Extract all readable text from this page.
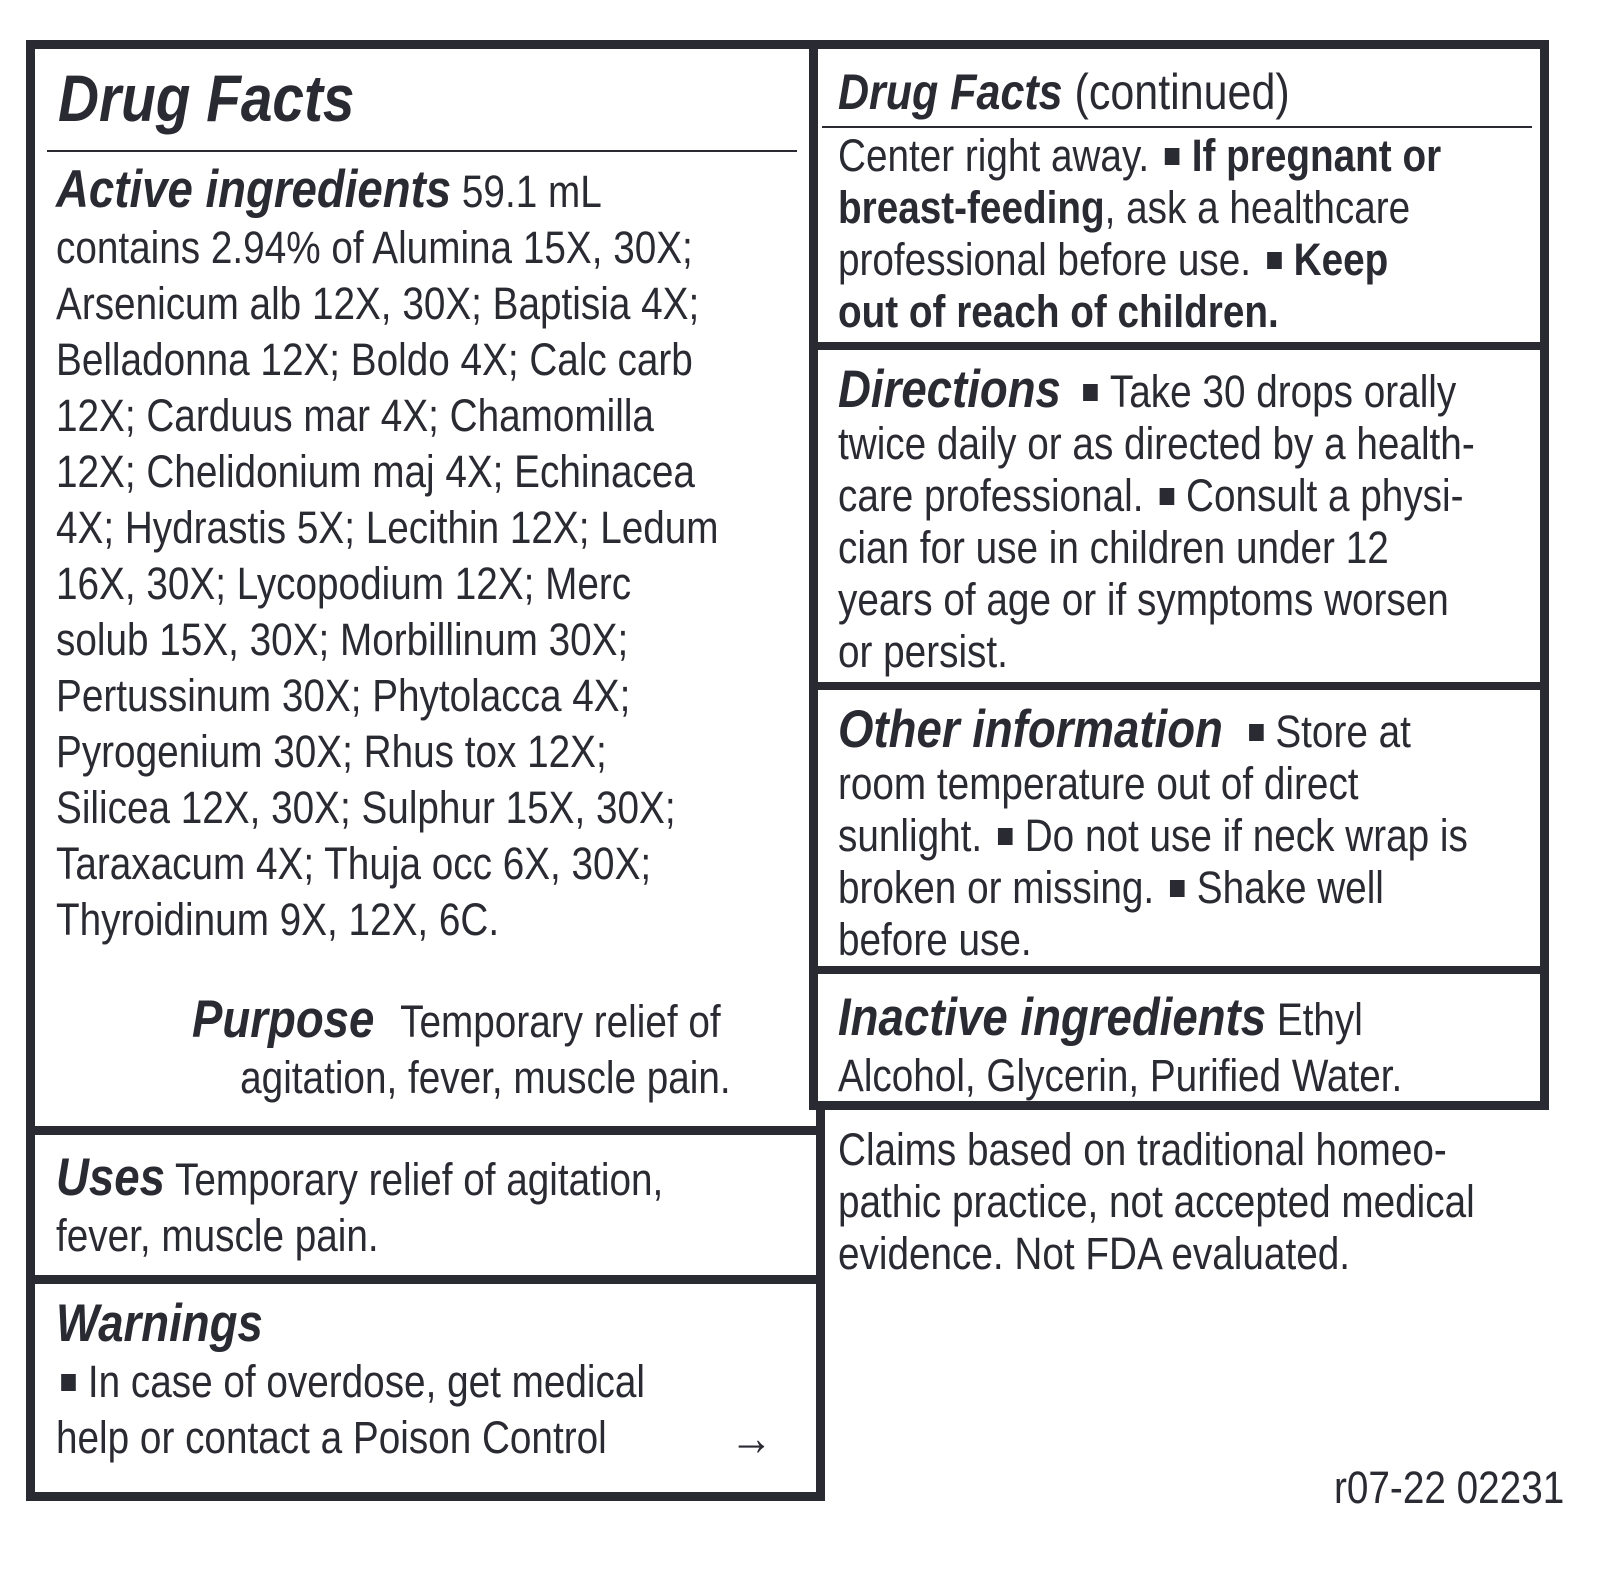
Drug Facts
Active ingredients 59.1 mL
contains 2.94% of Alumina 15X, 30X;
Arsenicum alb 12X, 30X; Baptisia 4X;
Belladonna 12X; Boldo 4X; Calc carb
12X; Carduus mar 4X; Chamomilla
12X; Chelidonium maj 4X; Echinacea
4X; Hydrastis 5X; Lecithin 12X; Ledum
16X, 30X; Lycopodium 12X; Merc
solub 15X, 30X; Morbillinum 30X;
Pertussinum 30X; Phytolacca 4X;
Pyrogenium 30X; Rhus tox 12X;
Silicea 12X, 30X; Sulphur 15X, 30X;
Taraxacum 4X; Thuja occ 6X, 30X;
Thyroidinum 9X, 12X, 6C.
Purpose Temporary relief of
agitation, fever, muscle pain.
Uses Temporary relief of agitation,
fever, muscle pain.
Warnings
In case of overdose, get medical
help or contact a Poison Control	→
Drug Facts (continued)
Center right away. If pregnant or
breast-feeding, ask a healthcare
professional before use. Keep
out of reach of children.
Directions Take 30 drops orally
twice daily or as directed by a health-
care professional. Consult a physi-
cian for use in children under 12
years of age or if symptoms worsen
or persist.
Other information Store at
room temperature out of direct
sunlight. Do not use if neck wrap is
broken or missing. Shake well
before use.
Inactive ingredients Ethyl
Alcohol, Glycerin, Purified Water.
Claims based on traditional homeo-
pathic practice, not accepted medical
evidence. Not FDA evaluated.
r07-22 02231
